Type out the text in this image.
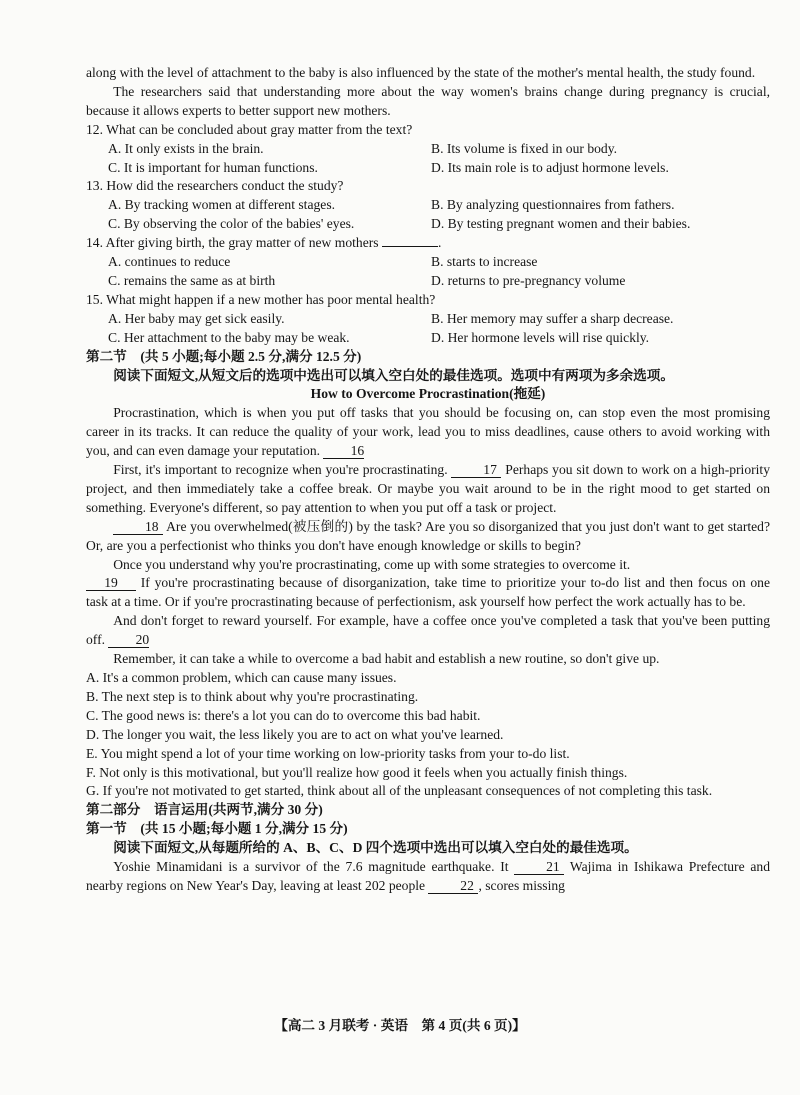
along with the level of attachment to the baby is also influenced by the state of the mother's mental health, the study found.

The researchers said that understanding more about the way women's brains change during pregnancy is crucial, because it allows experts to better support new mothers.

12. What can be concluded about gray matter from the text?

A. It only exists in the brain.	B. Its volume is fixed in our body.
C. It is important for human functions.	D. Its main role is to adjust hormone levels.

13. How did the researchers conduct the study?

A. By tracking women at different stages.	B. By analyzing questionnaires from fathers.
C. By observing the color of the babies' eyes.	D. By testing pregnant women and their babies.

14. After giving birth, the gray matter of new mothers	.

A. continues to reduce	B. starts to increase
C. remains the same as at birth	D. returns to pre-pregnancy volume

15. What might happen if a new mother has poor mental health?

A. Her baby may get sick easily.	B. Her memory may suffer a sharp decrease.
C. Her attachment to the baby may be weak.	D. Her hormone levels will rise quickly.

第二节　(共 5 小题;每小题 2.5 分,满分 12.5 分)

阅读下面短文,从短文后的选项中选出可以填入空白处的最佳选项。选项中有两项为多余选项。

How to Overcome Procrastination(拖延)

Procrastination, which is when you put off tasks that you should be focusing on, can stop even the most promising career in its tracks. It can reduce the quality of your work, lead you to miss deadlines, cause others to avoid working with you, and can even damage your reputation. 16

First, it's important to recognize when you're procrastinating.	17 Perhaps you sit down to work on a high-priority project, and then immediately take a coffee break. Or maybe you wait around to be in the right mood to get started on something. Everyone's different, so pay attention to when you put off a task or project.

18 Are you overwhelmed(被压倒的) by the task? Are you so disorganized that you just don't want to get started? Or, are you a perfectionist who thinks you don't have enough knowledge or skills to begin?

Once you understand why you're procrastinating, come up with some strategies to overcome it.

19 If you're procrastinating because of disorganization, take time to prioritize your to-do list and then focus on one task at a time. Or if you're procrastinating because of perfectionism, ask yourself how perfect the work actually has to be.

And don't forget to reward yourself. For example, have a coffee once you've completed a task that you've been putting off. 20

Remember, it can take a while to overcome a bad habit and establish a new routine, so don't give up.

A. It's a common problem, which can cause many issues.

B. The next step is to think about why you're procrastinating.

C. The good news is: there's a lot you can do to overcome this bad habit.

D. The longer you wait, the less likely you are to act on what you've learned.

E. You might spend a lot of your time working on low-priority tasks from your to-do list.

F. Not only is this motivational, but you'll realize how good it feels when you actually finish things.

G. If you're not motivated to get started, think about all of the unpleasant consequences of not completing this task.

第二部分　语言运用(共两节,满分 30 分)

第一节　(共 15 小题;每小题 1 分,满分 15 分)

阅读下面短文,从每题所给的 A、B、C、D 四个选项中选出可以填入空白处的最佳选项。

Yoshie Minamidani is a survivor of the 7.6 magnitude earthquake. It	21 Wajima in Ishikawa Prefecture and nearby regions on New Year's Day, leaving at least 202 people	22 , scores missing

【高二 3 月联考 · 英语　第 4 页(共 6 页)】
